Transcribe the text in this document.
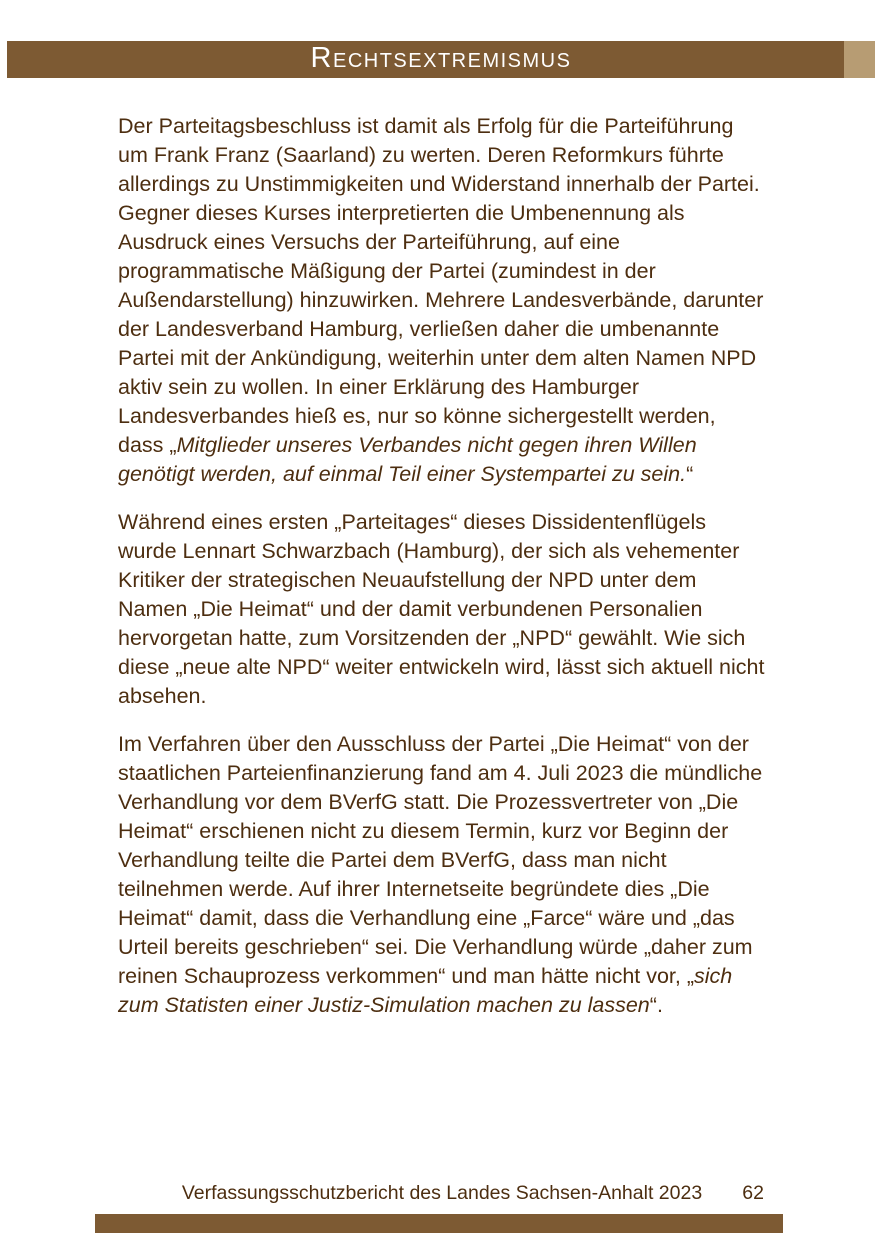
Rechtsextremismus

Der Parteitagsbeschluss ist damit als Erfolg für die Parteiführung um Frank Franz (Saarland) zu werten. Deren Reformkurs führte allerdings zu Unstimmigkeiten und Widerstand innerhalb der Partei. Gegner dieses Kurses interpretierten die Umbenennung als Ausdruck eines Versuchs der Parteiführung, auf eine programmatische Mäßigung der Partei (zumindest in der Außendarstellung) hinzuwirken. Mehrere Landesverbände, darunter der Landesverband Hamburg, verließen daher die umbenannte Partei mit der Ankündigung, weiterhin unter dem alten Namen NPD aktiv sein zu wollen. In einer Erklärung des Hamburger Landesverbandes hieß es, nur so könne sichergestellt werden, dass „Mitglieder unseres Verbandes nicht gegen ihren Willen genötigt werden, auf einmal Teil einer Systempartei zu sein.“

Während eines ersten „Parteitages“ dieses Dissidentenflügels wurde Lennart Schwarzbach (Hamburg), der sich als vehementer Kritiker der strategischen Neuaufstellung der NPD unter dem Namen „Die Heimat“ und der damit verbundenen Personalien hervorgetan hatte, zum Vorsitzenden der „NPD“ gewählt. Wie sich diese „neue alte NPD“ weiter entwickeln wird, lässt sich aktuell nicht absehen.

Im Verfahren über den Ausschluss der Partei „Die Heimat“ von der staatlichen Parteienfinanzierung fand am 4. Juli 2023 die mündliche Verhandlung vor dem BVerfG statt. Die Prozessvertreter von „Die Heimat“ erschienen nicht zu diesem Termin, kurz vor Beginn der Verhandlung teilte die Partei dem BVerfG, dass man nicht teilnehmen werde. Auf ihrer Internetseite begründete dies „Die Heimat“ damit, dass die Verhandlung eine „Farce“ wäre und „das Urteil bereits geschrieben“ sei. Die Verhandlung würde „daher zum reinen Schauprozess verkommen“ und man hätte nicht vor, „sich zum Statisten einer Justiz-Simulation machen zu lassen“.

Verfassungsschutzbericht des Landes Sachsen-Anhalt 2023	62
